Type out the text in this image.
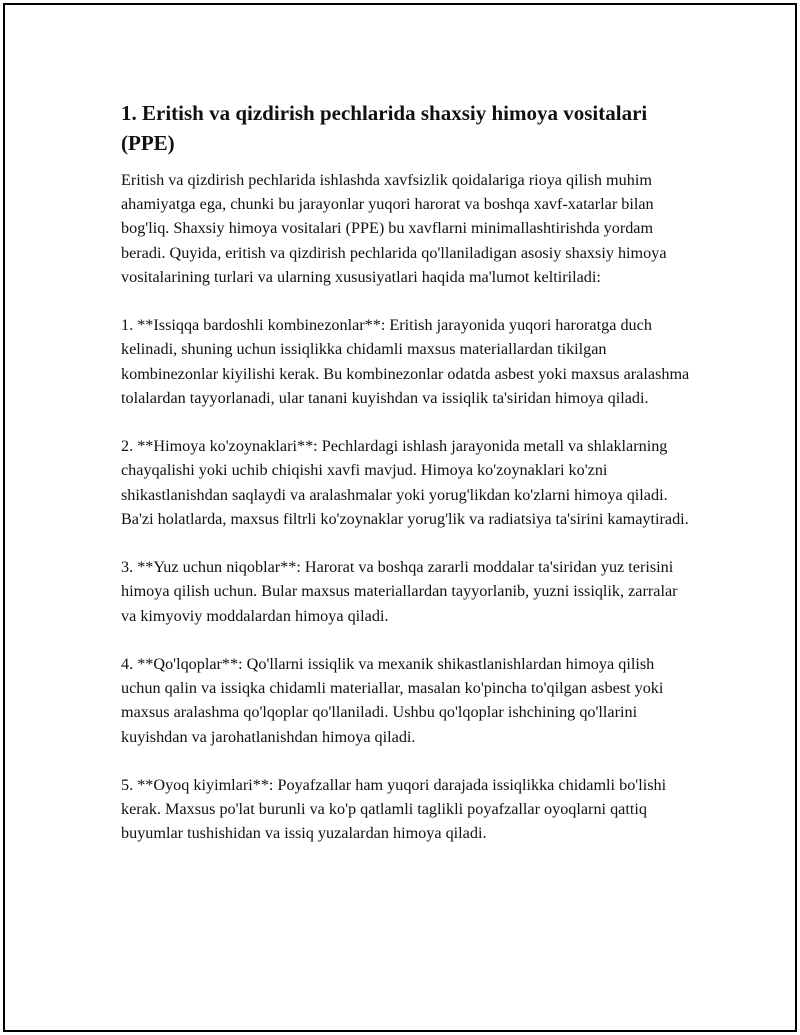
1. Eritish va qizdirish pechlarida shaxsiy himoya vositalari (PPE)

Eritish va qizdirish pechlarida ishlashda xavfsizlik qoidalariga rioya qilish muhim ahamiyatga ega, chunki bu jarayonlar yuqori harorat va boshqa xavf-xatarlar bilan bog'liq. Shaxsiy himoya vositalari (PPE) bu xavflarni minimallashtirishda yordam beradi. Quyida, eritish va qizdirish pechlarida qo'llaniladigan asosiy shaxsiy himoya vositalarining turlari va ularning xususiyatlari haqida ma'lumot keltiriladi:

1. **Issiqqa bardoshli kombinezonlar**: Eritish jarayonida yuqori haroratga duch kelinadi, shuning uchun issiqlikka chidamli maxsus materiallardan tikilgan kombinezonlar kiyilishi kerak. Bu kombinezonlar odatda asbest yoki maxsus aralashma tolalardan tayyorlanadi, ular tanani kuyishdan va issiqlik ta'siridan himoya qiladi.

2. **Himoya ko'zoynaklari**: Pechlardagi ishlash jarayonida metall va shlaklarning chayqalishi yoki uchib chiqishi xavfi mavjud. Himoya ko'zoynaklari ko'zni shikastlanishdan saqlaydi va aralashmalar yoki yorug'likdan ko'zlarni himoya qiladi. Ba'zi holatlarda, maxsus filtrli ko'zoynaklar yorug'lik va radiatsiya ta'sirini kamaytiradi.

3. **Yuz uchun niqoblar**: Harorat va boshqa zararli moddalar ta'siridan yuz terisini himoya qilish uchun. Bular maxsus materiallardan tayyorlanib, yuzni issiqlik, zarralar va kimyoviy moddalardan himoya qiladi.

4. **Qo'lqoplar**: Qo'llarni issiqlik va mexanik shikastlanishlardan himoya qilish uchun qalin va issiqka chidamli materiallar, masalan ko'pincha to'qilgan asbest yoki maxsus aralashma qo'lqoplar qo'llaniladi. Ushbu qo'lqoplar ishchining qo'llarini kuyishdan va jarohatlanishdan himoya qiladi.

5. **Oyoq kiyimlari**: Poyafzallar ham yuqori darajada issiqlikka chidamli bo'lishi kerak. Maxsus po'lat burunli va ko'p qatlamli taglikli poyafzallar oyoqlarni qattiq buyumlar tushishidan va issiq yuzalardan himoya qiladi.
